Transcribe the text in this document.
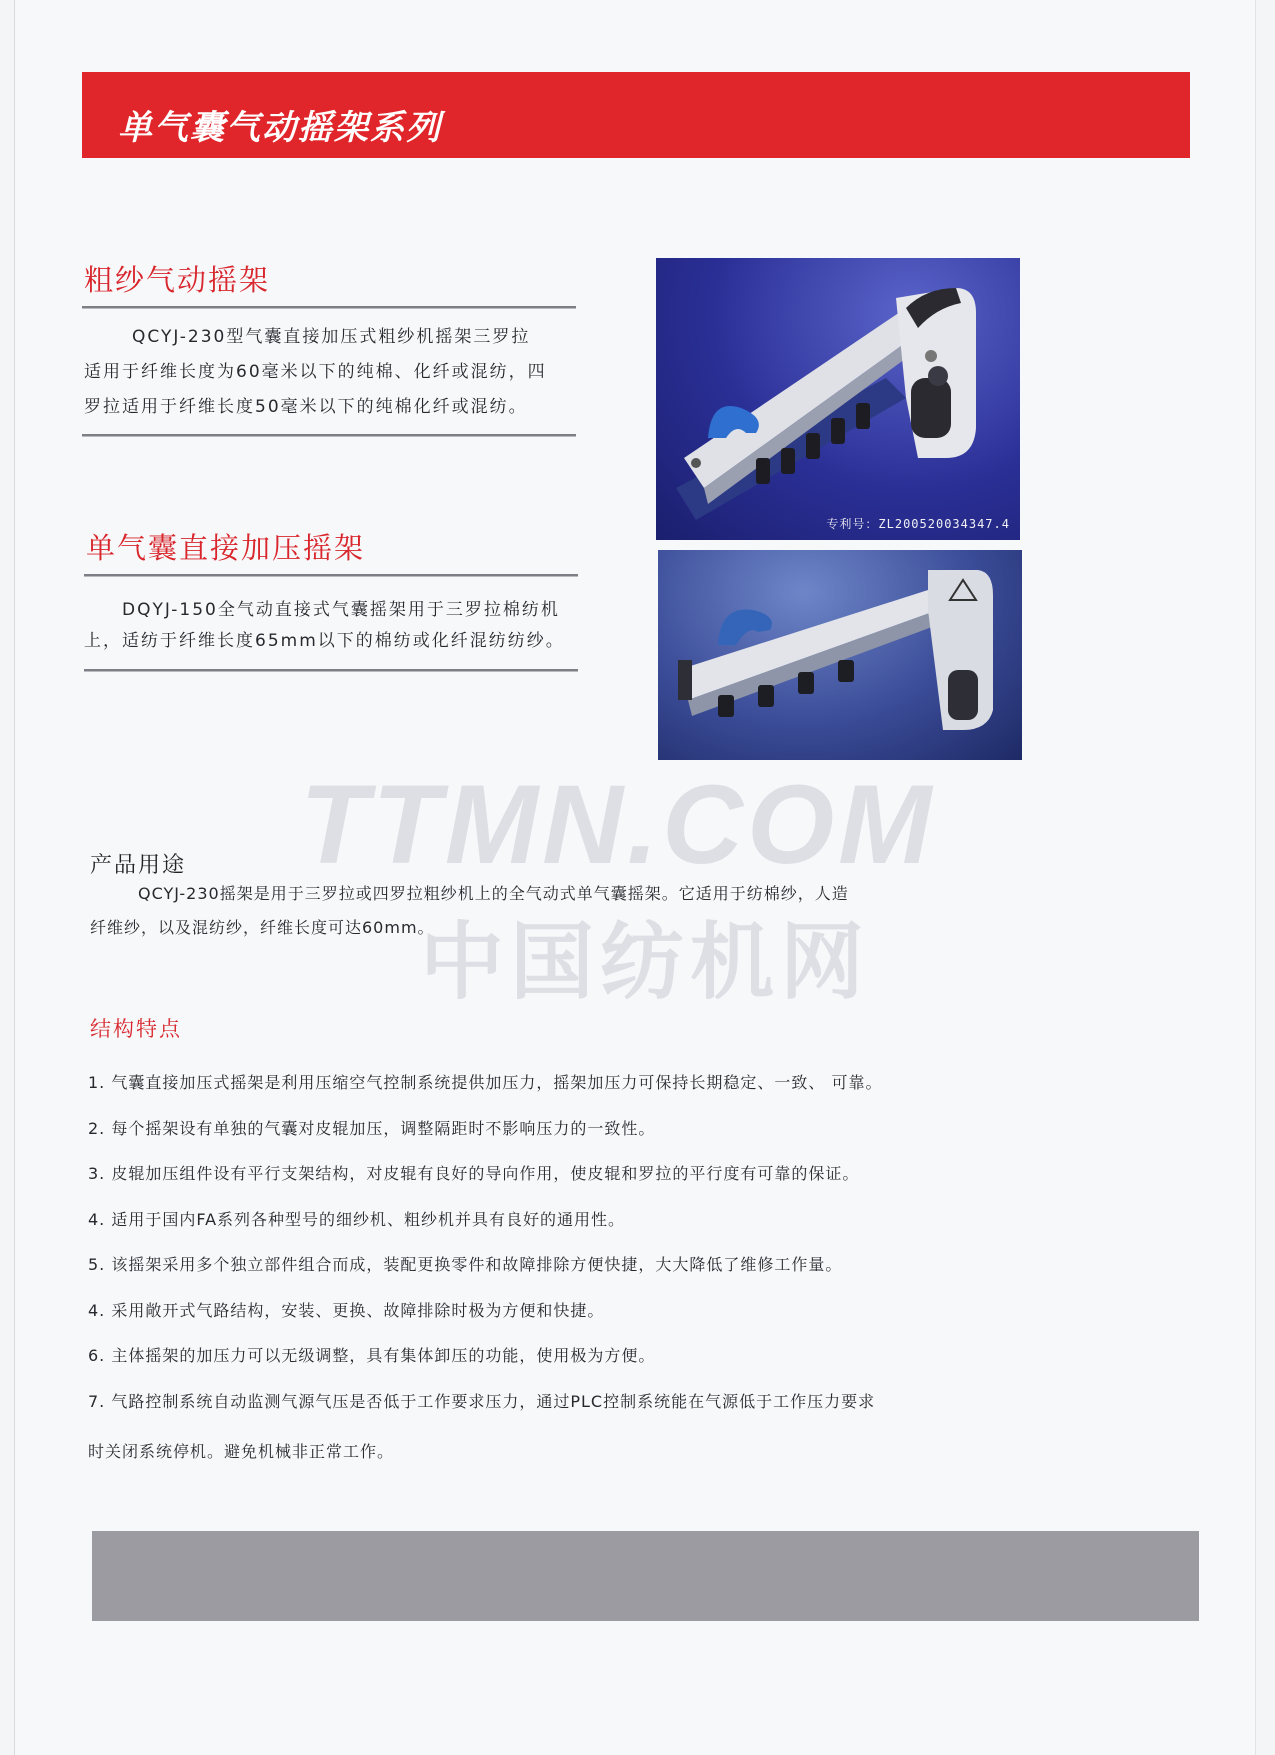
单气囊气动摇架系列
粗纱气动摇架

QCYJ-230型气囊直接加压式粗纱机摇架三罗拉

适用于纤维长度为60毫米以下的纯棉、化纤或混纺，四

罗拉适用于纤维长度50毫米以下的纯棉化纤或混纺。

单气囊直接加压摇架

DQYJ-150全气动直接式气囊摇架用于三罗拉棉纺机

上，适纺于纤维长度65mm以下的棉纺或化纤混纺纺纱。

专利号：ZL200520034347.4
TTMN.COM
中国纺机网
产品用途

QCYJ-230摇架是用于三罗拉或四罗拉粗纱机上的全气动式单气囊摇架。它适用于纺棉纱，人造

纤维纱，以及混纺纱，纤维长度可达60mm。

结构特点
1. 气囊直接加压式摇架是利用压缩空气控制系统提供加压力，摇架加压力可保持长期稳定、一致、 可靠。
2. 每个摇架设有单独的气囊对皮辊加压，调整隔距时不影响压力的一致性。
3. 皮辊加压组件设有平行支架结构，对皮辊有良好的导向作用，使皮辊和罗拉的平行度有可靠的保证。
4. 适用于国内FA系列各种型号的细纱机、粗纱机并具有良好的通用性。
5. 该摇架采用多个独立部件组合而成，装配更换零件和故障排除方便快捷，大大降低了维修工作量。
4. 采用敞开式气路结构，安装、更换、故障排除时极为方便和快捷。
6. 主体摇架的加压力可以无级调整，具有集体卸压的功能，使用极为方便。
7. 气路控制系统自动监测气源气压是否低于工作要求压力，通过PLC控制系统能在气源低于工作压力要求
时关闭系统停机。避免机械非正常工作。
